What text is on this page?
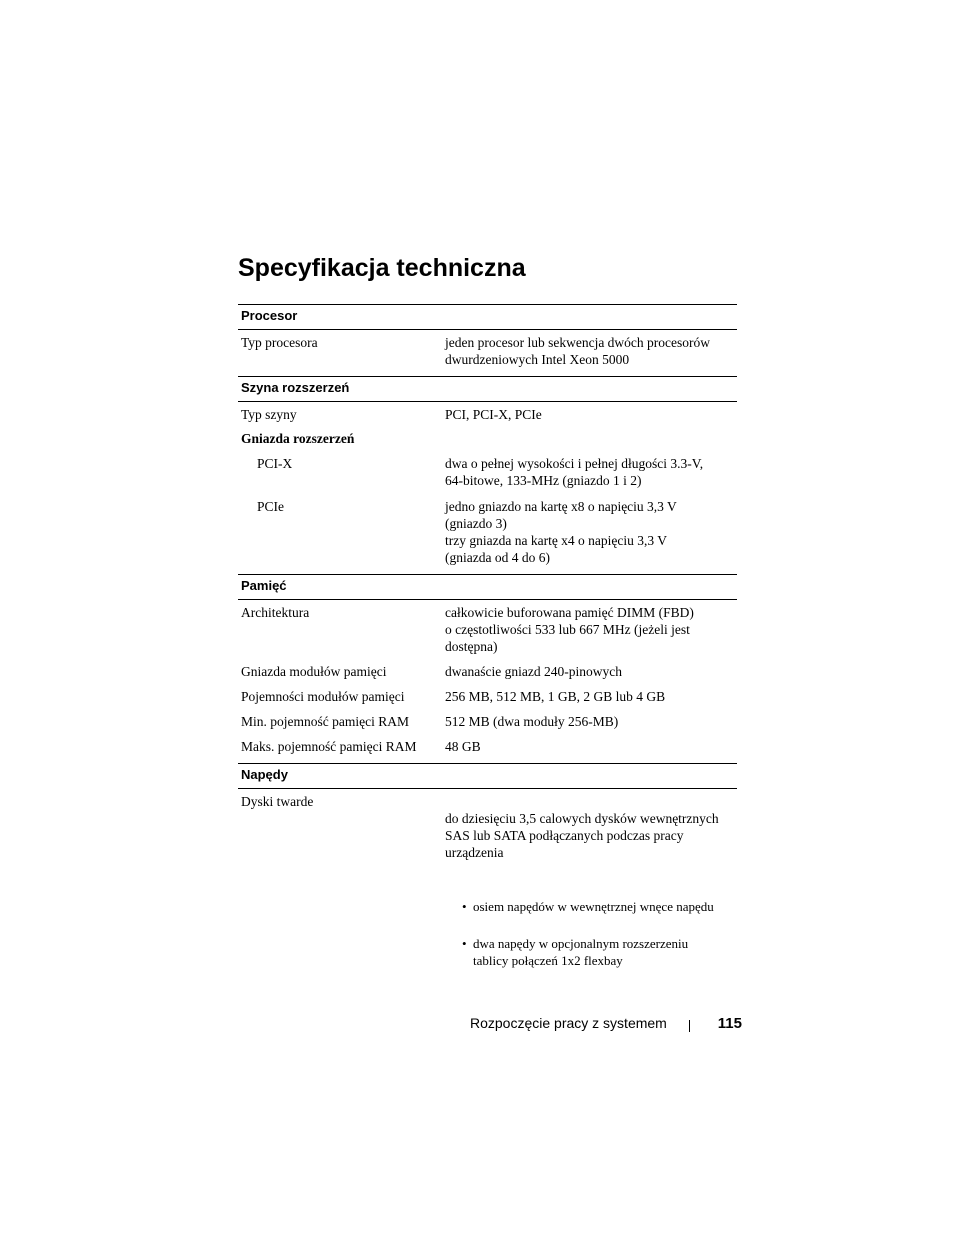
Specyfikacja techniczna
Procesor
Typ procesora	jeden procesor lub sekwencja dwóch procesorów
dwurdzeniowych Intel Xeon 5000
Szyna rozszerzeń
Typ szyny	PCI, PCI-X, PCIe
Gniazda rozszerzeń
PCI-X	dwa o pełnej wysokości i pełnej długości 3.3-V,
64-bitowe, 133-MHz (gniazdo 1 i 2)
PCIe	jedno gniazdo na kartę x8 o napięciu 3,3 V
(gniazdo 3)
trzy gniazda na kartę x4 o napięciu 3,3 V
(gniazda od 4 do 6)
Pamięć
Architektura	całkowicie buforowana pamięć DIMM (FBD)
o częstotliwości 533 lub 667 MHz (jeżeli jest
dostępna)
Gniazda modułów pamięci	dwanaście gniazd 240-pinowych
Pojemności modułów pamięci	256 MB, 512 MB, 1 GB, 2 GB lub 4 GB
Min. pojemność pamięci RAM	512 MB (dwa moduły 256-MB)
Maks. pojemność pamięci RAM	48 GB
Napędy
Dyski twarde

do dziesięciu 3,5 calowych dysków wewnętrznych
SAS lub SATA podłączanych podczas pracy
urządzenia

• osiem napędów w wewnętrznej wnęce napędu

• dwa napędy w opcjonalnym rozszerzeniu
tablicy połączeń 1x2 flexbay

Rozpoczęcie pracy z systemem	115
